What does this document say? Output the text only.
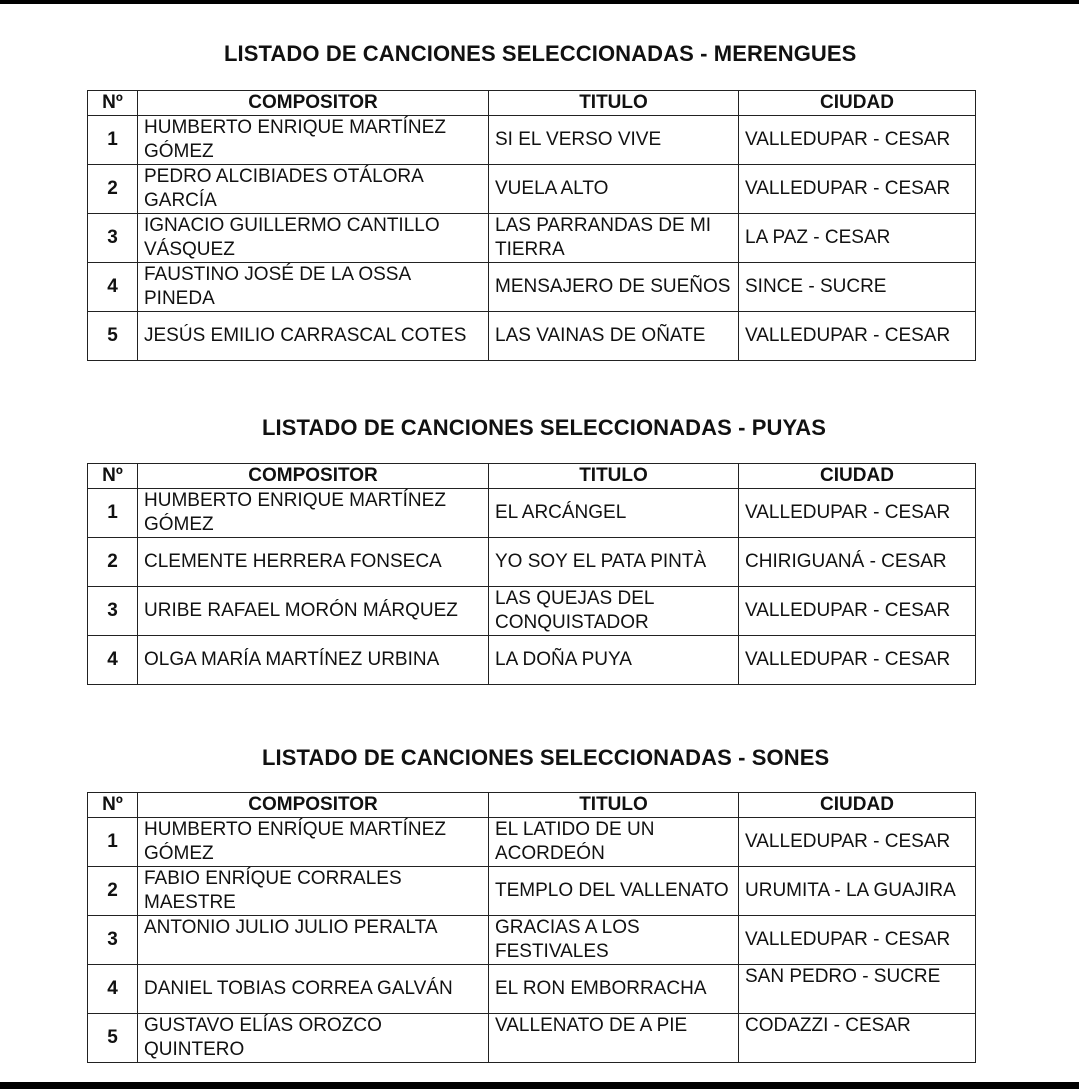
LISTADO DE CANCIONES SELECCIONADAS - MERENGUES
Nº	COMPOSITOR	TITULO	CIUDAD
1	HUMBERTO ENRIQUE MARTÍNEZ GÓMEZ	SI EL VERSO VIVE	VALLEDUPAR - CESAR
2	PEDRO ALCIBIADES OTÁLORA GARCÍA	VUELA ALTO	VALLEDUPAR - CESAR
3	IGNACIO GUILLERMO CANTILLO VÁSQUEZ	LAS PARRANDAS DE MI TIERRA	LA PAZ - CESAR
4	FAUSTINO JOSÉ DE LA OSSA PINEDA	MENSAJERO DE SUEÑOS	SINCE - SUCRE
5	JESÚS EMILIO CARRASCAL COTES	LAS VAINAS DE OÑATE	VALLEDUPAR - CESAR
LISTADO DE CANCIONES SELECCIONADAS - PUYAS
Nº	COMPOSITOR	TITULO	CIUDAD
1	HUMBERTO ENRIQUE MARTÍNEZ GÓMEZ	EL ARCÁNGEL	VALLEDUPAR - CESAR
2	CLEMENTE HERRERA FONSECA	YO SOY EL PATA PINTÀ	CHIRIGUANÁ - CESAR
3	URIBE RAFAEL MORÓN MÁRQUEZ	LAS QUEJAS DEL CONQUISTADOR	VALLEDUPAR - CESAR
4	OLGA MARÍA MARTÍNEZ URBINA	LA DOÑA PUYA	VALLEDUPAR - CESAR
LISTADO DE CANCIONES SELECCIONADAS - SONES
Nº	COMPOSITOR	TITULO	CIUDAD
1	HUMBERTO ENRÍQUE MARTÍNEZ GÓMEZ	EL LATIDO DE UN ACORDEÓN	VALLEDUPAR - CESAR
2	FABIO ENRÍQUE CORRALES MAESTRE	TEMPLO DEL VALLENATO	URUMITA - LA GUAJIRA
3	ANTONIO JULIO JULIO PERALTA	GRACIAS A LOS FESTIVALES	VALLEDUPAR - CESAR
4	DANIEL TOBIAS CORREA GALVÁN	EL RON EMBORRACHA	SAN PEDRO - SUCRE
5	GUSTAVO ELÍAS OROZCO QUINTERO	VALLENATO DE A PIE	CODAZZI - CESAR
